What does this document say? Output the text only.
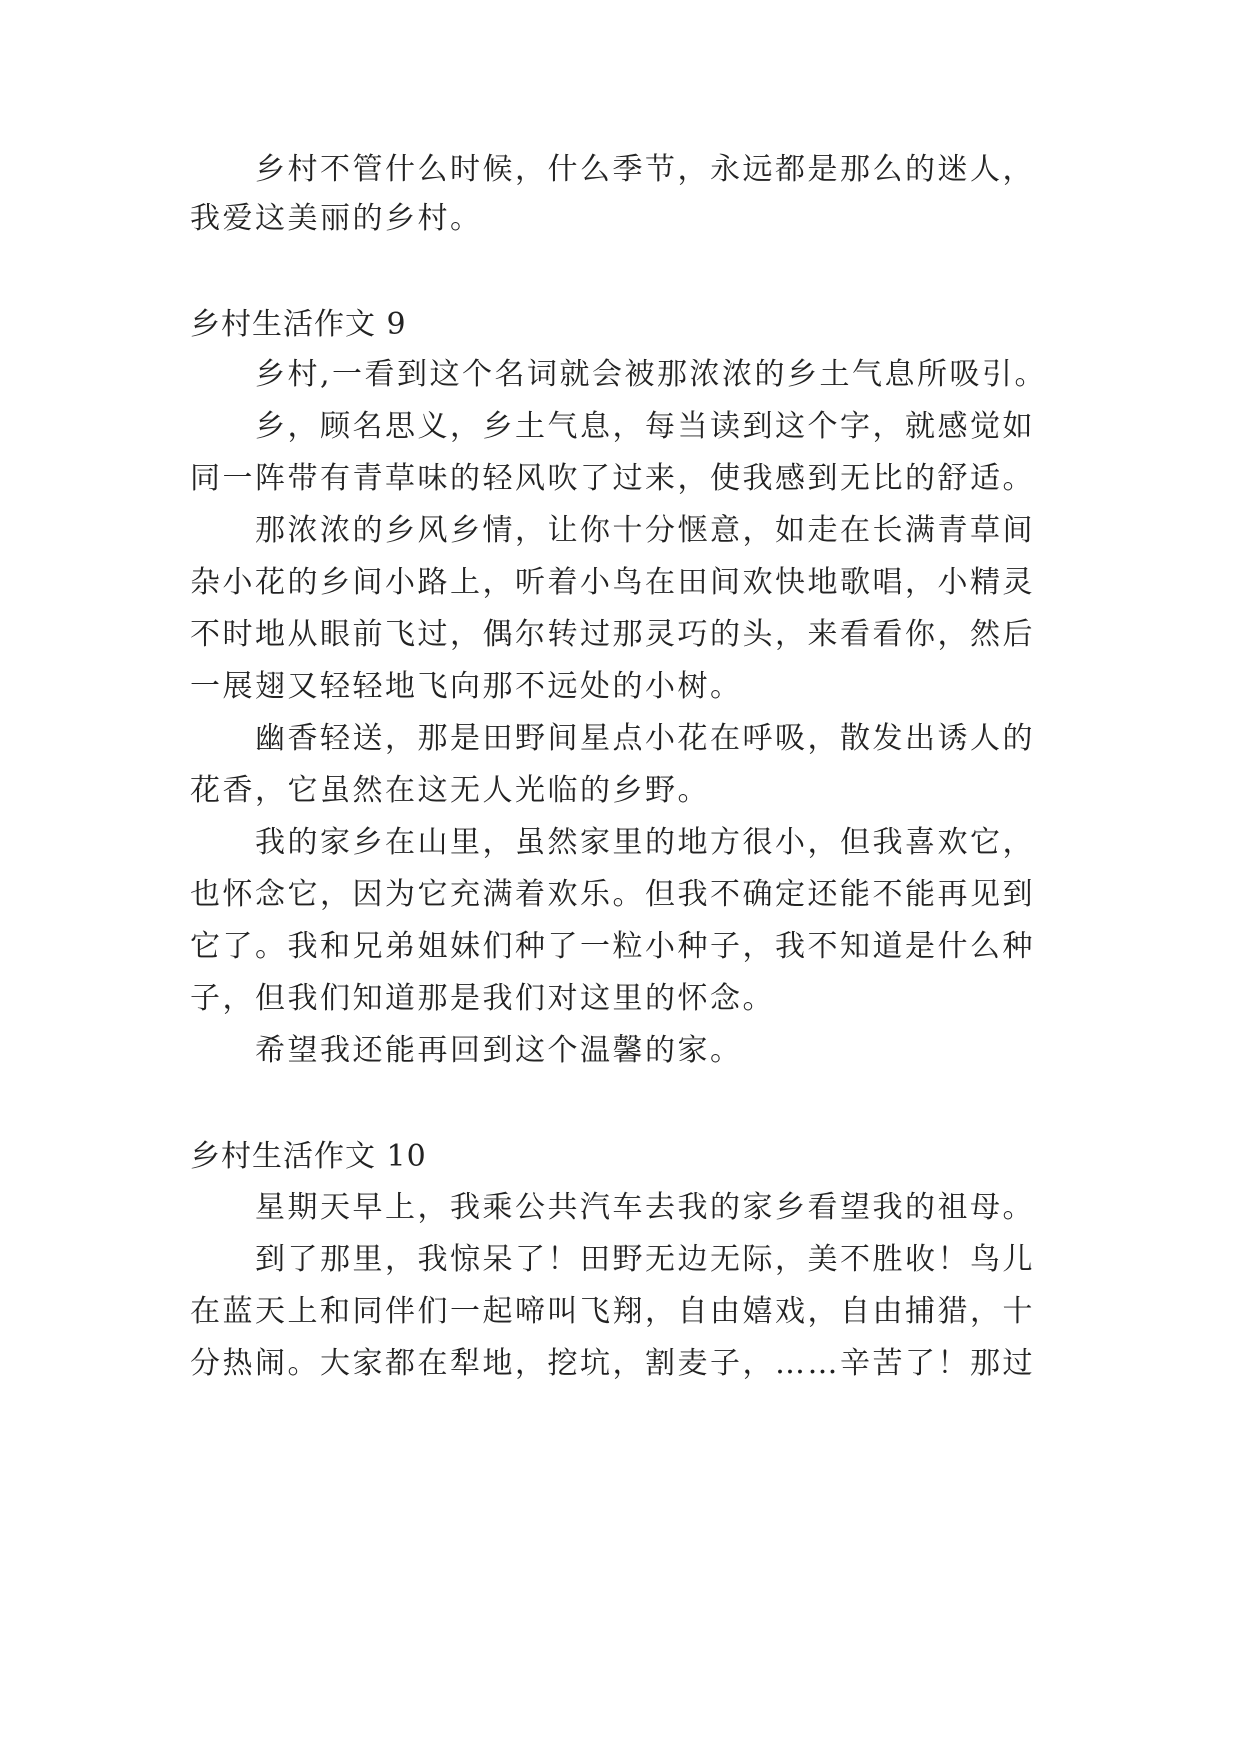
乡村不管什么时候，什么季节，永远都是那么的迷人，
我爱这美丽的乡村。
乡村生活作文 9
乡村,一看到这个名词就会被那浓浓的乡土气息所吸引。
乡，顾名思义，乡土气息，每当读到这个字，就感觉如
同一阵带有青草味的轻风吹了过来，使我感到无比的舒适。
那浓浓的乡风乡情，让你十分惬意，如走在长满青草间
杂小花的乡间小路上，听着小鸟在田间欢快地歌唱，小精灵
不时地从眼前飞过，偶尔转过那灵巧的头，来看看你，然后
一展翅又轻轻地飞向那不远处的小树。
幽香轻送，那是田野间星点小花在呼吸，散发出诱人的
花香，它虽然在这无人光临的乡野。
我的家乡在山里，虽然家里的地方很小，但我喜欢它，
也怀念它，因为它充满着欢乐。但我不确定还能不能再见到
它了。我和兄弟姐妹们种了一粒小种子，我不知道是什么种
子，但我们知道那是我们对这里的怀念。
希望我还能再回到这个温馨的家。
乡村生活作文 10
星期天早上，我乘公共汽车去我的家乡看望我的祖母。
到了那里，我惊呆了！田野无边无际，美不胜收！鸟儿
在蓝天上和同伴们一起啼叫飞翔，自由嬉戏，自由捕猎，十
分热闹。大家都在犁地，挖坑，割麦子，……辛苦了！那过
